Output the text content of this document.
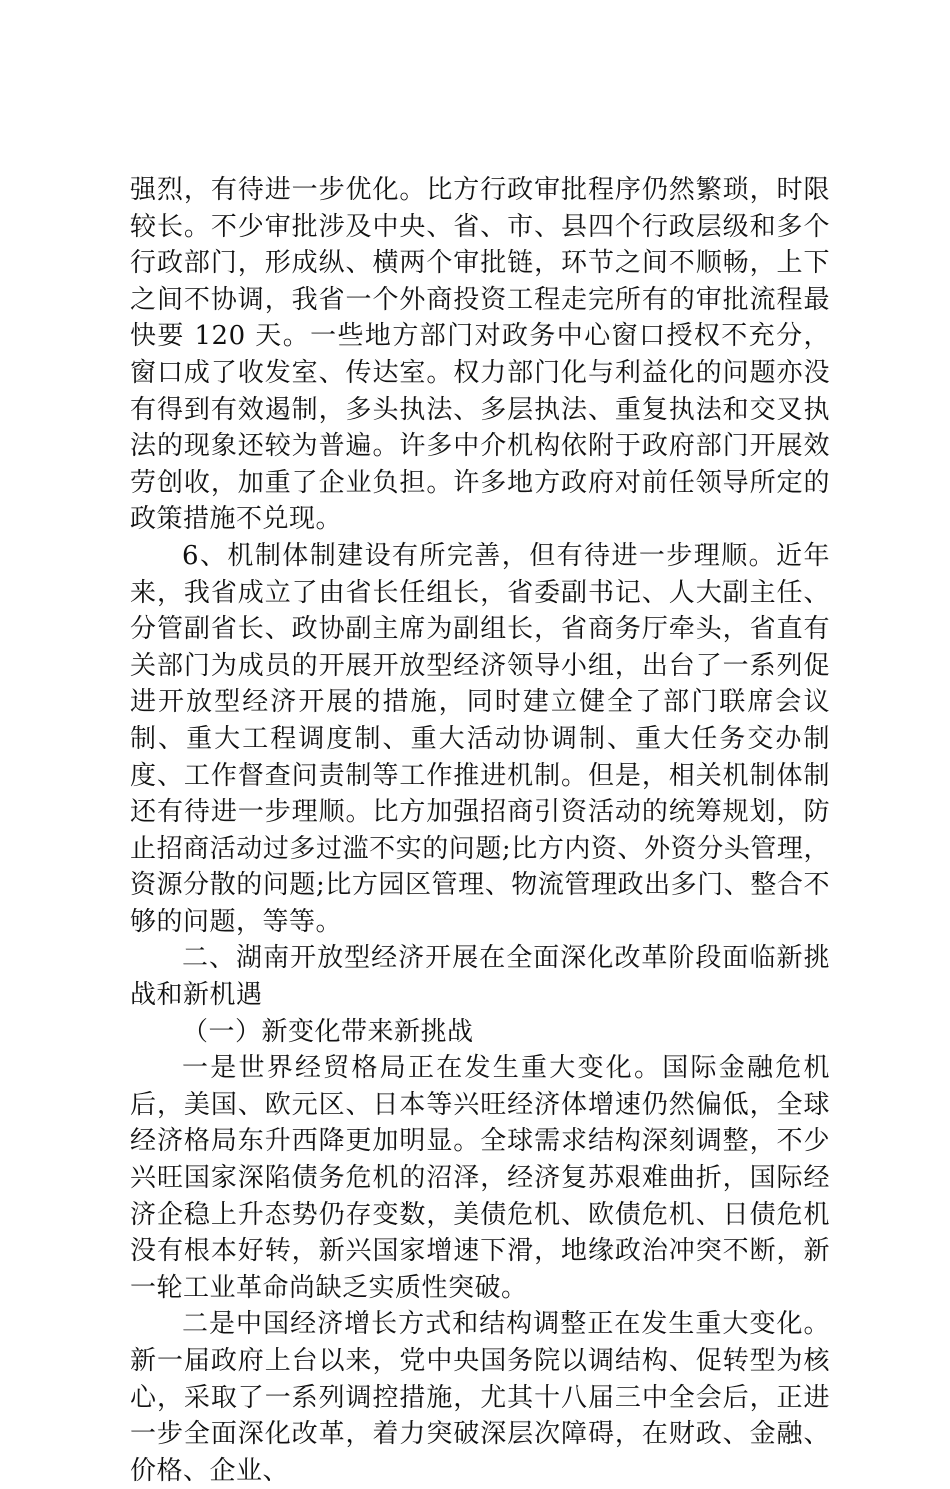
强烈，有待进一步优化。比方行政审批程序仍然繁琐，时限较长。不少审批涉及中央、省、市、县四个行政层级和多个行政部门，形成纵、横两个审批链，环节之间不顺畅，上下之间不协调，我省一个外商投资工程走完所有的审批流程最快要 120 天。一些地方部门对政务中心窗口授权不充分，窗口成了收发室、传达室。权力部门化与利益化的问题亦没有得到有效遏制，多头执法、多层执法、重复执法和交叉执法的现象还较为普遍。许多中介机构依附于政府部门开展效劳创收，加重了企业负担。许多地方政府对前任领导所定的政策措施不兑现。

6、机制体制建设有所完善，但有待进一步理顺。近年来，我省成立了由省长任组长，省委副书记、人大副主任、分管副省长、政协副主席为副组长，省商务厅牵头，省直有关部门为成员的开展开放型经济领导小组，出台了一系列促进开放型经济开展的措施，同时建立健全了部门联席会议制、重大工程调度制、重大活动协调制、重大任务交办制度、工作督查问责制等工作推进机制。但是，相关机制体制还有待进一步理顺。比方加强招商引资活动的统筹规划，防止招商活动过多过滥不实的问题;比方内资、外资分头管理，资源分散的问题;比方园区管理、物流管理政出多门、整合不够的问题，等等。

二、湖南开放型经济开展在全面深化改革阶段面临新挑战和新机遇

（一）新变化带来新挑战

一是世界经贸格局正在发生重大变化。国际金融危机后，美国、欧元区、日本等兴旺经济体增速仍然偏低，全球经济格局东升西降更加明显。全球需求结构深刻调整，不少兴旺国家深陷债务危机的沼泽，经济复苏艰难曲折，国际经济企稳上升态势仍存变数，美债危机、欧债危机、日债危机没有根本好转，新兴国家增速下滑，地缘政治冲突不断，新一轮工业革命尚缺乏实质性突破。

二是中国经济增长方式和结构调整正在发生重大变化。新一届政府上台以来，党中央国务院以调结构、促转型为核心，采取了一系列调控措施，尤其十八届三中全会后，正进一步全面深化改革，着力突破深层次障碍，在财政、金融、价格、企业、
